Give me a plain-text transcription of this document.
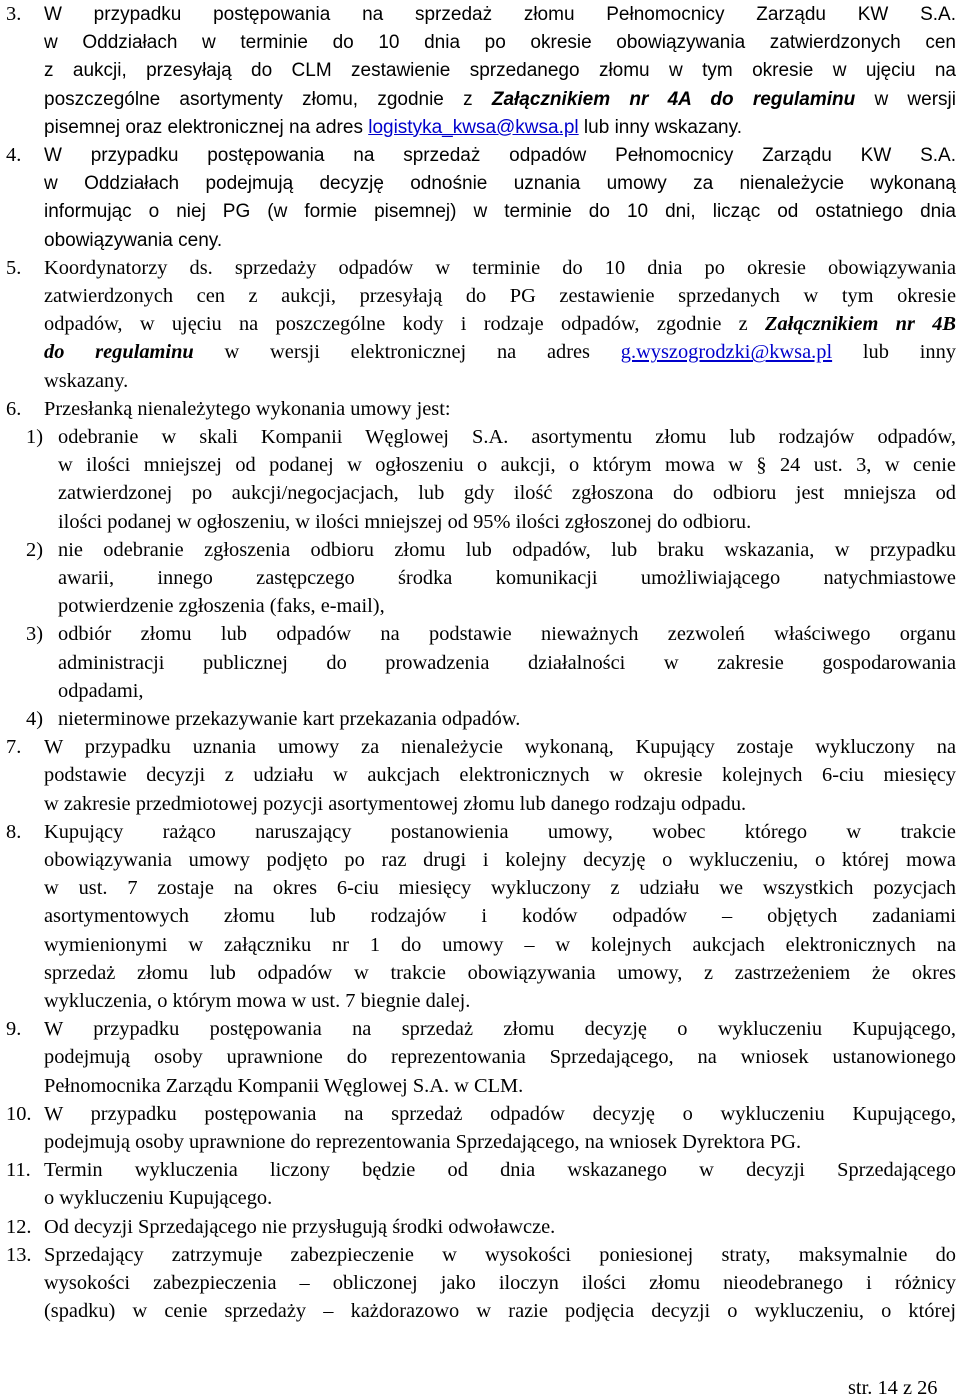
3. W przypadku postępowania na sprzedaż złomu Pełnomocnicy Zarządu KW S.A.
w Oddziałach w terminie do 10 dnia po okresie obowiązywania zatwierdzonych cen
z aukcji, przesyłają do CLM zestawienie sprzedanego złomu w tym okresie w ujęciu na
poszczególne asortymenty złomu, zgodnie z Załącznikiem nr 4A do regulaminu w wersji
pisemnej oraz elektronicznej na adres logistyka_kwsa@kwsa.pl lub inny wskazany.
4. W przypadku postępowania na sprzedaż odpadów Pełnomocnicy Zarządu KW S.A.
w Oddziałach podejmują decyzję odnośnie uznania umowy za nienależycie wykonaną
informując o niej PG (w formie pisemnej) w terminie do 10 dni, licząc od ostatniego dnia
obowiązywania ceny.
5. Koordynatorzy ds. sprzedaży odpadów w terminie do 10 dnia po okresie obowiązywania
zatwierdzonych cen z aukcji, przesyłają do PG zestawienie sprzedanych w tym okresie
odpadów, w ujęciu na poszczególne kody i rodzaje odpadów, zgodnie z Załącznikiem nr 4B
do regulaminu w wersji elektronicznej na adres g.wyszogrodzki@kwsa.pl lub inny
wskazany.
6. Przesłanką nienależytego wykonania umowy jest:
1) odebranie w skali Kompanii Węglowej S.A. asortymentu złomu lub rodzajów odpadów,
w ilości mniejszej od podanej w ogłoszeniu o aukcji, o którym mowa w § 24 ust. 3, w cenie
zatwierdzonej po aukcji/negocjacjach, lub gdy ilość zgłoszona do odbioru jest mniejsza od
ilości podanej w ogłoszeniu, w ilości mniejszej od 95% ilości zgłoszonej do odbioru.
2) nie odebranie zgłoszenia odbioru złomu lub odpadów, lub braku wskazania, w przypadku
awarii, innego zastępczego środka komunikacji umożliwiającego natychmiastowe
potwierdzenie zgłoszenia (faks, e-mail),
3) odbiór złomu lub odpadów na podstawie nieważnych zezwoleń właściwego organu
administracji publicznej do prowadzenia działalności w zakresie gospodarowania
odpadami,
4) nieterminowe przekazywanie kart przekazania odpadów.
7. W przypadku uznania umowy za nienależycie wykonaną, Kupujący zostaje wykluczony na
podstawie decyzji z udziału w aukcjach elektronicznych w okresie kolejnych 6-ciu miesięcy
w zakresie przedmiotowej pozycji asortymentowej złomu lub danego rodzaju odpadu.
8. Kupujący rażąco naruszający postanowienia umowy, wobec którego w trakcie
obowiązywania umowy podjęto po raz drugi i kolejny decyzję o wykluczeniu, o której mowa
w ust. 7 zostaje na okres 6-ciu miesięcy wykluczony z udziału we wszystkich pozycjach
asortymentowych złomu lub rodzajów i kodów odpadów – objętych zadaniami
wymienionymi w załączniku nr 1 do umowy – w kolejnych aukcjach elektronicznych na
sprzedaż złomu lub odpadów w trakcie obowiązywania umowy, z zastrzeżeniem że okres
wykluczenia, o którym mowa w ust. 7 biegnie dalej.
9. W przypadku postępowania na sprzedaż złomu decyzję o wykluczeniu Kupującego,
podejmują osoby uprawnione do reprezentowania Sprzedającego, na wniosek ustanowionego
Pełnomocnika Zarządu Kompanii Węglowej S.A. w CLM.
10. W przypadku postępowania na sprzedaż odpadów decyzję o wykluczeniu Kupującego,
podejmują osoby uprawnione do reprezentowania Sprzedającego, na wniosek Dyrektora PG.
11. Termin wykluczenia liczony będzie od dnia wskazanego w decyzji Sprzedającego
o wykluczeniu Kupującego.
12. Od decyzji Sprzedającego nie przysługują środki odwoławcze.
13. Sprzedający zatrzymuje zabezpieczenie w wysokości poniesionej straty, maksymalnie do
wysokości zabezpieczenia – obliczonej jako iloczyn ilości złomu nieodebranego i różnicy
(spadku) w cenie sprzedaży – każdorazowo w razie podjęcia decyzji o wykluczeniu, o której
str. 14 z 26
